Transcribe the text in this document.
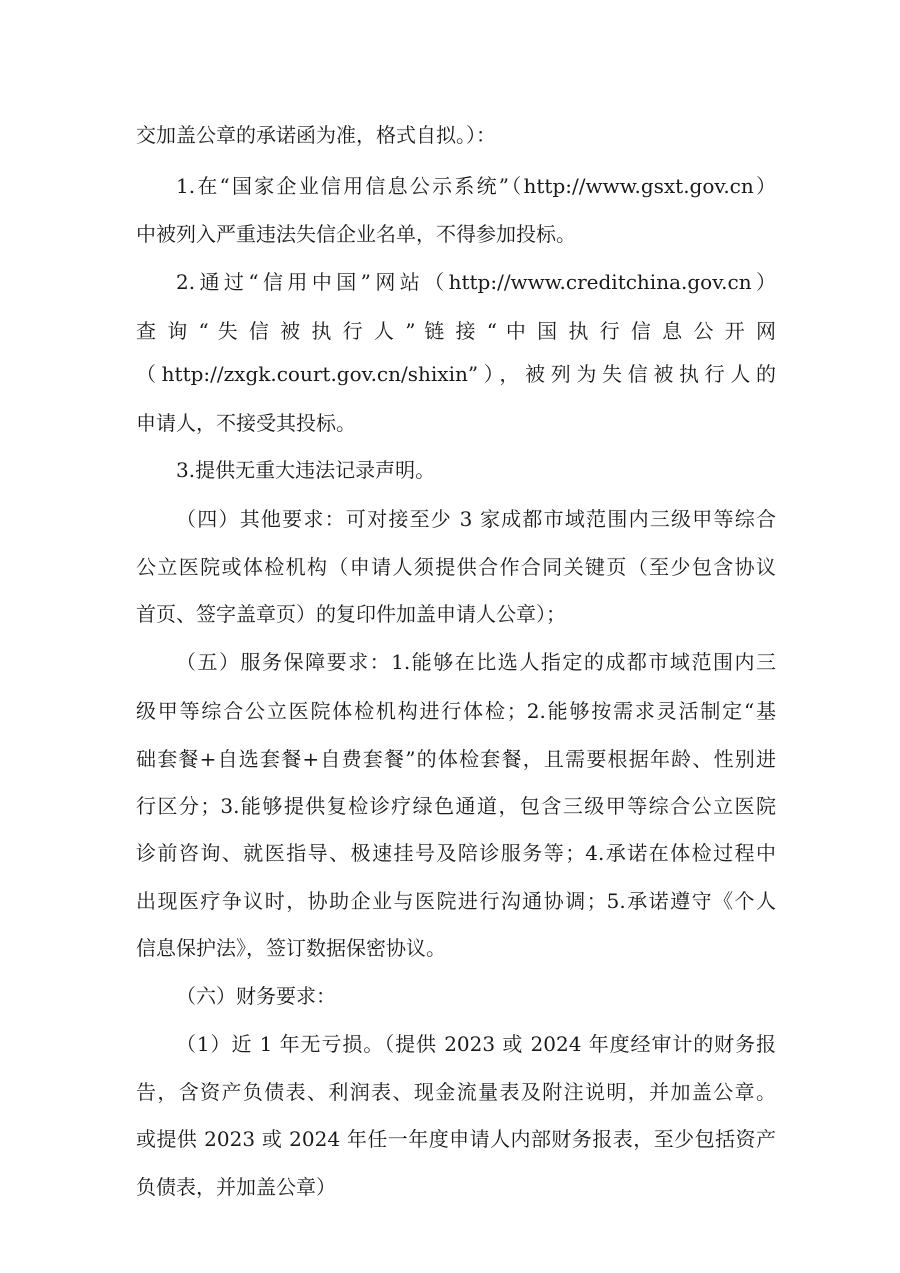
交加盖公章的承诺函为准，格式自拟。）：
1.在“国家企业信用信息公示系统”（http://www.gsxt.gov.cn）
中被列入严重违法失信企业名单，不得参加投标。
2.通过“信用中国”网站（http://www.creditchina.gov.cn）
查 询 “ 失 信 被 执 行 人 ” 链 接 “ 中 国 执 行 信 息 公 开 网
（http://zxgk.court.gov.cn/shixin”），被列为失信被执行人的
申请人，不接受其投标。
3.提供无重大违法记录声明。
（四）其他要求：可对接至少 3 家成都市域范围内三级甲等综合
公立医院或体检机构（申请人须提供合作合同关键页（至少包含协议
首页、签字盖章页）的复印件加盖申请人公章）；
（五）服务保障要求：1.能够在比选人指定的成都市域范围内三
级甲等综合公立医院体检机构进行体检；2.能够按需求灵活制定“基
础套餐+自选套餐+自费套餐”的体检套餐，且需要根据年龄、性别进
行区分；3.能够提供复检诊疗绿色通道，包含三级甲等综合公立医院
诊前咨询、就医指导、极速挂号及陪诊服务等；4.承诺在体检过程中
出现医疗争议时，协助企业与医院进行沟通协调；5.承诺遵守《个人
信息保护法》，签订数据保密协议。
（六）财务要求：
（1）近 1 年无亏损。（提供 2023 或 2024 年度经审计的财务报
告，含资产负债表、利润表、现金流量表及附注说明，并加盖公章。
或提供 2023 或 2024 年任一年度申请人内部财务报表，至少包括资产
负债表，并加盖公章）
